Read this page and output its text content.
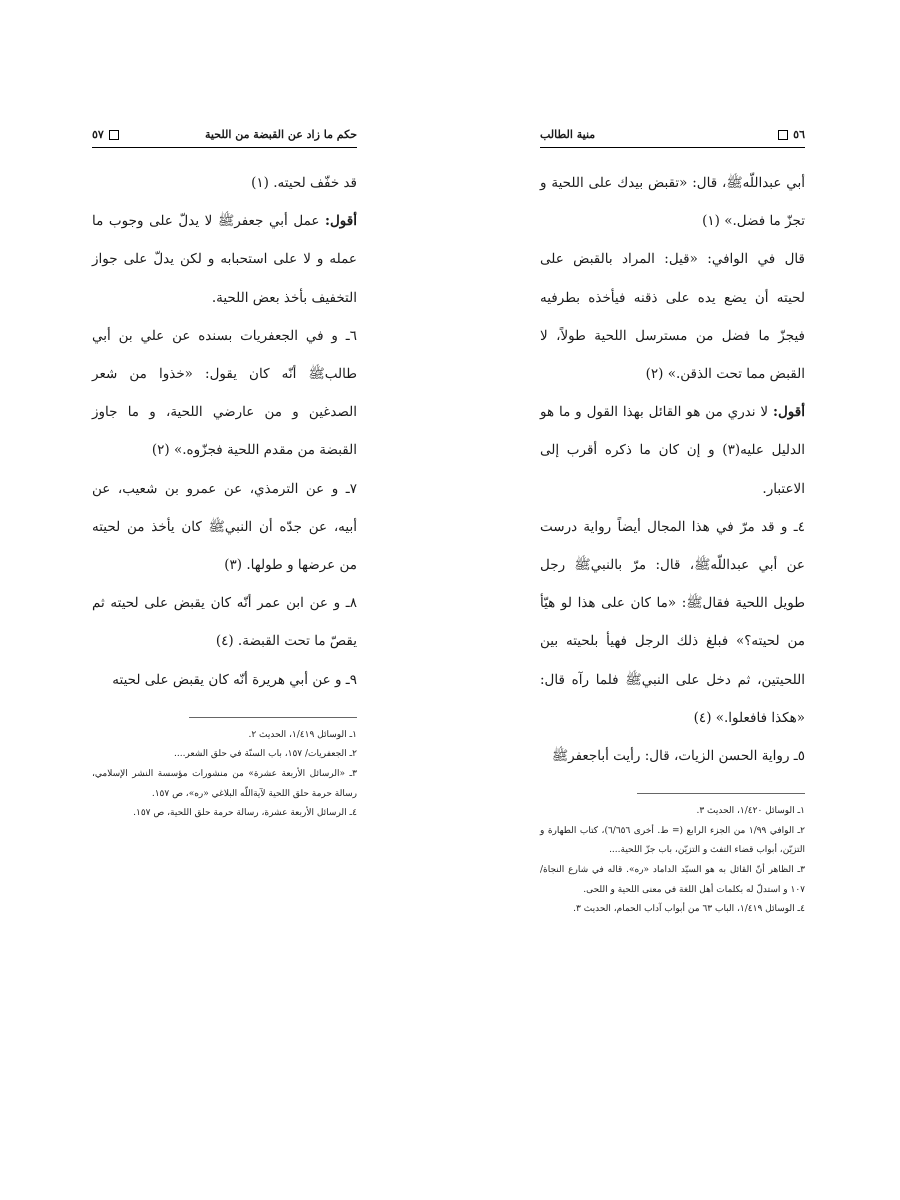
حكم ما زاد عن القبضة من اللحية
٥٧

قد خفّف لحيته. (١)

أقول: عمل أبي جعفرﷺ لا يدلّ على وجوب ما عمله و لا على استحبابه و لكن يدلّ على جواز التخفيف بأخذ بعض اللحية.

٦ـ و في الجعفريات بسنده عن علي بن أبي طالبﷺ أنّه كان يقول: «خذوا من شعر الصدغين و من عارضي اللحية، و ما جاوز القبضة من مقدم اللحية فجزّوه.» (٢)

٧ـ و عن الترمذي، عن عمرو بن شعيب، عن أبيه، عن جدّه أن النبيﷺ كان يأخذ من لحيته من عرضها و طولها. (٣)

٨ـ و عن ابن عمر أنّه كان يقبض على لحيته ثم يقصّ ما تحت القبضة. (٤)

٩ـ و عن أبي هريرة أنّه كان يقبض على لحيته

١ـ الوسائل ١/٤١٩، الحديث ٢.

٢ـ الجعفريات/ ١٥٧، باب السنّة في حلق الشعر....

٣ـ «الرسائل الأربعة عشرة» من منشورات مؤسسة النشر الإسلامي، رسالة حرمة حلق اللحية لآية‌اللّه البلاغي «ره»، ص ١٥٧.

٤ـ الرسائل الأربعة عشرة، رسالة حرمة حلق اللحية، ص ١٥٧.

٥٦
منية الطالب

أبي عبداللّهﷺ، قال: «تقبض بيدك على اللحية و تجزّ ما فضل.» (١)

قال في الوافي: «قيل: المراد بالقبض على لحيته أن يضع يده على ذقنه فيأخذه بطرفيه فيجزّ ما فضل من مسترسل اللحية طولاً، لا القبض مما تحت الذقن.» (٢)

أقول: لا ندري من هو القائل بهذا القول و ما هو الدليل عليه(٣) و إن كان ما ذكره أقرب إلى الاعتبار.

٤ـ و قد مرّ في هذا المجال أيضاً رواية درست عن أبي عبداللّهﷺ، قال: مرّ بالنبيﷺ رجل طويل اللحية فقالﷺ: «ما كان على هذا لو هيّأ من لحيته؟» فبلغ ذلك الرجل فهيأ بلحيته بين اللحيتين، ثم دخل على النبيﷺ فلما رآه قال: «هكذا فافعلوا.» (٤)

٥ـ رواية الحسن الزيات، قال: رأيت أباجعفرﷺ

١ـ الوسائل ١/٤٢٠، الحديث ٣.

٢ـ الوافي ١/٩٩ من الجزء الرابع (= ط. أخرى ٦/٦٥٦)، كتاب الطهارة و التزيّن، أبواب قضاء التفث و التزيّن، باب جزّ اللحية....

٣ـ الظاهر أنّ القائل به هو السيّد الداماد «ره». قاله في شارع النجاة/ ١٠٧ و استدلّ له بكلمات أهل اللغة في معنى اللحية و اللحى.

٤ـ الوسائل ١/٤١٩، الباب ٦٣ من أبواب آداب الحمام، الحديث ٣.
